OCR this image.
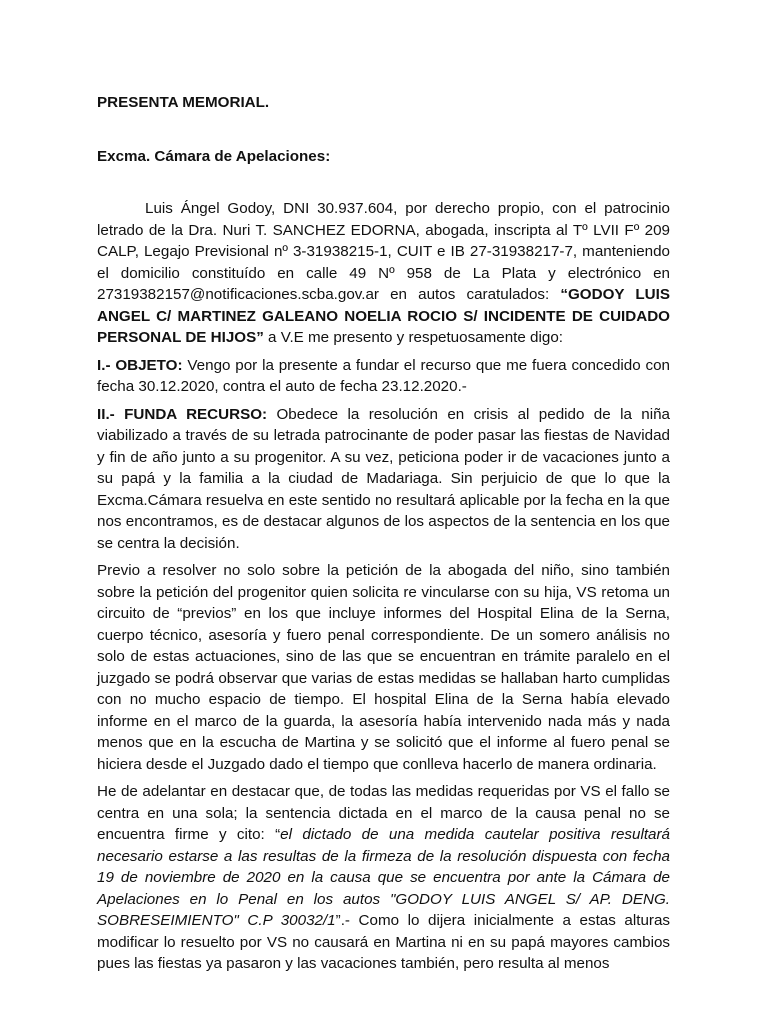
PRESENTA MEMORIAL.
Excma. Cámara de Apelaciones:

Luis Ángel Godoy, DNI 30.937.604, por derecho propio, con el patrocinio letrado de la Dra. Nuri T. SANCHEZ EDORNA, abogada, inscripta al Tº LVII Fº 209 CALP, Legajo Previsional nº 3-31938215-1, CUIT e IB 27-31938217-7, manteniendo el domicilio constituído en calle 49 Nº 958 de La Plata y electrónico en 27319382157@notificaciones.scba.gov.ar en autos caratulados: “GODOY LUIS ANGEL C/ MARTINEZ GALEANO NOELIA ROCIO S/ INCIDENTE DE CUIDADO PERSONAL DE HIJOS” a V.E me presento y respetuosamente digo:

I.- OBJETO: Vengo por la presente a fundar el recurso que me fuera concedido con fecha 30.12.2020, contra el auto de fecha 23.12.2020.-

II.- FUNDA RECURSO: Obedece la resolución en crisis al pedido de la niña viabilizado a través de su letrada patrocinante de poder pasar las fiestas de Navidad y fin de año junto a su progenitor. A su vez, peticiona poder ir de vacaciones junto a su papá y la familia a la ciudad de Madariaga. Sin perjuicio de que lo que la Excma.Cámara resuelva en este sentido no resultará aplicable por la fecha en la que nos encontramos, es de destacar algunos de los aspectos de la sentencia en los que se centra la decisión.

Previo a resolver no solo sobre la petición de la abogada del niño, sino también sobre la petición del progenitor quien solicita re vincularse con su hija, VS retoma un circuito de “previos” en los que incluye informes del Hospital Elina de la Serna, cuerpo técnico, asesoría y fuero penal correspondiente. De un somero análisis no solo de estas actuaciones, sino de las que se encuentran en trámite paralelo en el juzgado se podrá observar que varias de estas medidas se hallaban harto cumplidas con no mucho espacio de tiempo. El hospital Elina de la Serna había elevado informe en el marco de la guarda, la asesoría había intervenido nada más y nada menos que en la escucha de Martina y se solicitó que el informe al fuero penal se hiciera desde el Juzgado dado el tiempo que conlleva hacerlo de manera ordinaria.

He de adelantar en destacar que, de todas las medidas requeridas por VS el fallo se centra en una sola; la sentencia dictada en el marco de la causa penal no se encuentra firme y cito: “el dictado de una medida cautelar positiva resultará necesario estarse a las resultas de la firmeza de la resolución dispuesta con fecha 19 de noviembre de 2020 en la causa que se encuentra por ante la Cámara de Apelaciones en lo Penal en los autos "GODOY LUIS ANGEL S/ AP. DENG. SOBRESEIMIENTO" C.P 30032/1”.- Como lo dijera inicialmente a estas alturas modificar lo resuelto por VS no causará en Martina ni en su papá mayores cambios pues las fiestas ya pasaron y las vacaciones también, pero resulta al menos
